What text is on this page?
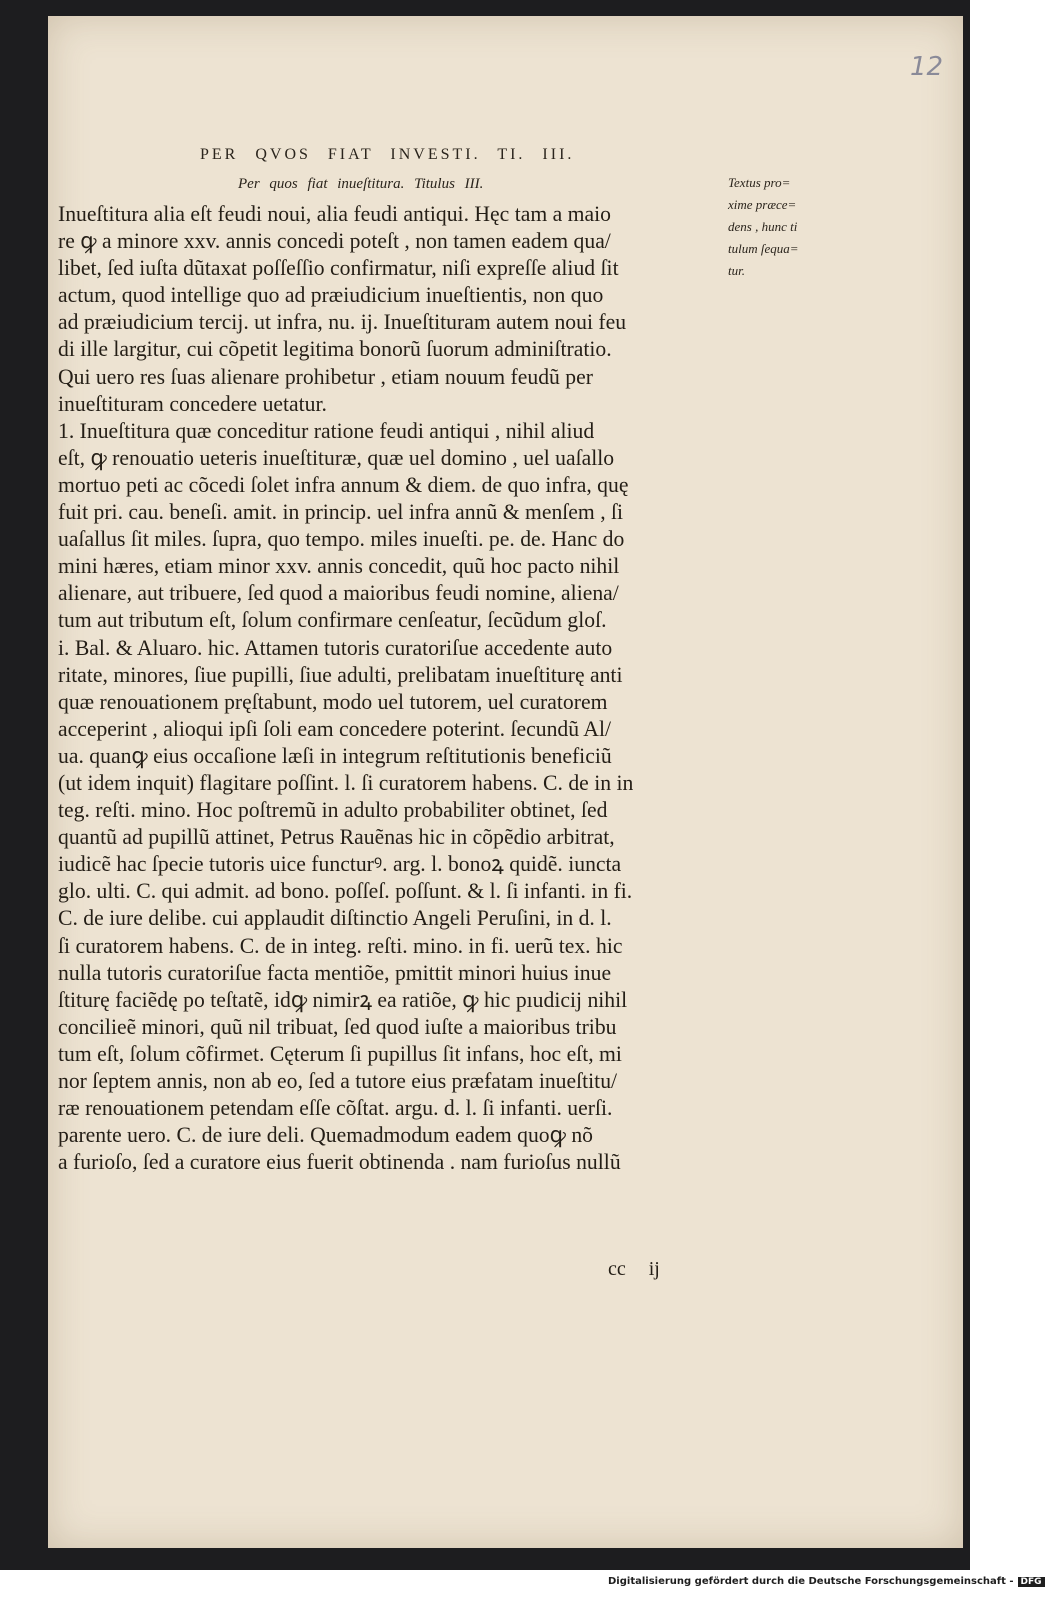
12
PER QVOS FIAT INVESTI. TI. III.
Per quos fiat inueſtitura. Titulus III.	Textus pro=
xime præce=
dens , hunc ti
tulum ſequa=
tur.
Inueſtitura alia eſt feudi noui, alia feudi antiqui. Hęc tam a maio
re ꝙ a minore xxv. annis concedi poteſt , non tamen eadem qua/
libet, ſed iuſta dũtaxat poſſeſſio confirmatur, niſi expreſſe aliud ſit
actum, quod intellige quo ad præiudicium inueſtientis, non quo
ad præiudicium tercij. ut infra, nu. ij. Inueſtituram autem noui feu
di ille largitur, cui cõpetit legitima bonorũ ſuorum adminiſtratio.
Qui uero res ſuas alienare prohibetur , etiam nouum feudũ per
inueſtituram concedere uetatur.
1. Inueſtitura quæ conceditur ratione feudi antiqui , nihil aliud
eſt, ꝙ renouatio ueteris inueſtituræ, quæ uel domino , uel uaſallo
mortuo peti ac cõcedi ſolet infra annum & diem. de quo infra, quę
fuit pri. cau. beneſi. amit. in princip. uel infra annũ & menſem , ſi
uaſallus ſit miles. ſupra, quo tempo. miles inueſti. pe. de. Hanc do
mini hæres, etiam minor xxv. annis concedit, quũ hoc pacto nihil
alienare, aut tribuere, ſed quod a maioribus feudi nomine, aliena/
tum aut tributum eſt, ſolum confirmare cenſeatur, ſecũdum gloſ.
i. Bal. & Aluaro. hic. Attamen tutoris curatoriſue accedente auto
ritate, minores, ſiue pupilli, ſiue adulti, prelibatam inueſtiturę anti
quæ renouationem pręſtabunt, modo uel tutorem, uel curatorem
acceperint , alioqui ipſi ſoli eam concedere poterint. ſecundũ Al/
ua. quanꝙ eius occaſione læſi in integrum reſtitutionis beneficiũ
(ut idem inquit) flagitare poſſint. l. ſi curatorem habens. C. de in in
teg. reſti. mino. Hoc poſtremũ in adulto probabiliter obtinet, ſed
quantũ ad pupillũ attinet, Petrus Rauẽnas hic in cõpẽdio arbitrat,
iudicẽ hac ſpecie tutoris uice functurꝰ. arg. l. bonoꝝ quidẽ. iuncta
glo. ulti. C. qui admit. ad bono. poſſeſ. poſſunt. & l. ſi infanti. in fi.
C. de iure delibe. cui applaudit diſtinctio Angeli Peruſini, in d. l.
ſi curatorem habens. C. de in integ. reſti. mino. in fi. uerũ tex. hic
nulla tutoris curatoriſue facta mentiõe, pmittit minori huius inue
ſtiturę faciẽdę po teſtatẽ, idꝙ nimirꝝ ea ratiõe, ꝙ hic pıudicij nihil
concilieẽ minori, quũ nil tribuat, ſed quod iuſte a maioribus tribu
tum eſt, ſolum cõfirmet. Cęterum ſi pupillus ſit infans, hoc eſt, mi
nor ſeptem annis, non ab eo, ſed a tutore eius præfatam inueſtitu/
ræ renouationem petendam eſſe cõſtat. argu. d. l. ſi infanti. uerſi.
parente uero. C. de iure deli. Quemadmodum eadem quoꝙ nõ
a furioſo, ſed a curatore eius fuerit obtinenda . nam furioſus nullũ
cc ij
Digitalisierung gefördert durch die Deutsche Forschungsgemeinschaft - DFG
